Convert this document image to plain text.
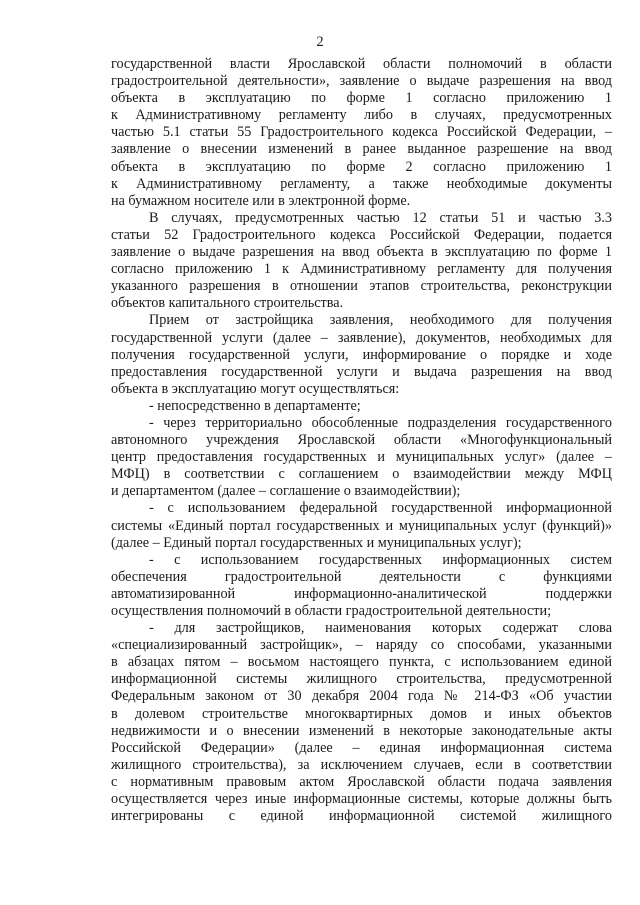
2
государственной власти Ярославской области полномочий в области
градостроительной деятельности», заявление о выдаче разрешения на ввод
объекта в эксплуатацию по форме 1 согласно приложению 1
к Административному регламенту либо в случаях, предусмотренных
частью 5.1 статьи 55 Градостроительного кодекса Российской Федерации, –
заявление о внесении изменений в ранее выданное разрешение на ввод
объекта в эксплуатацию по форме 2 согласно приложению 1
к Административному регламенту, а также необходимые документы
на бумажном носителе или в электронной форме.
В случаях, предусмотренных частью 12 статьи 51 и частью 3.3
статьи 52 Градостроительного кодекса Российской Федерации, подается
заявление о выдаче разрешения на ввод объекта в эксплуатацию по форме 1
согласно приложению 1 к Административному регламенту для получения
указанного разрешения в отношении этапов строительства, реконструкции
объектов капитального строительства.
Прием от застройщика заявления, необходимого для получения
государственной услуги (далее – заявление), документов, необходимых для
получения государственной услуги, информирование о порядке и ходе
предоставления государственной услуги и выдача разрешения на ввод
объекта в эксплуатацию могут осуществляться:
- непосредственно в департаменте;
- через территориально обособленные подразделения государственного
автономного учреждения Ярославской области «Многофункциональный
центр предоставления государственных и муниципальных услуг» (далее –
МФЦ) в соответствии с соглашением о взаимодействии между МФЦ
и департаментом (далее – соглашение о взаимодействии);
- с использованием федеральной государственной информационной
системы «Единый портал государственных и муниципальных услуг (функций)»
(далее – Единый портал государственных и муниципальных услуг);
- с использованием государственных информационных систем
обеспечения градостроительной деятельности с функциями
автоматизированной информационно-аналитической поддержки
осуществления полномочий в области градостроительной деятельности;
- для застройщиков, наименования которых содержат слова
«специализированный застройщик», – наряду со способами, указанными
в абзацах пятом – восьмом настоящего пункта, с использованием единой
информационной системы жилищного строительства, предусмотренной
Федеральным законом от 30 декабря 2004 года № 214-ФЗ «Об участии
в долевом строительстве многоквартирных домов и иных объектов
недвижимости и о внесении изменений в некоторые законодательные акты
Российской Федерации» (далее – единая информационная система
жилищного строительства), за исключением случаев, если в соответствии
с нормативным правовым актом Ярославской области подача заявления
осуществляется через иные информационные системы, которые должны быть
интегрированы с единой информационной системой жилищного
